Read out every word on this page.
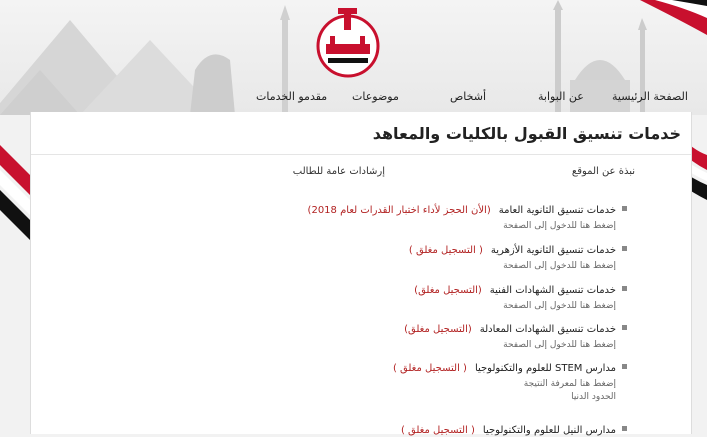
الصفحة الرئيسية
عن البوابة
أشخاص
موضوعات
مقدمو الخدمات
خدمات تنسيق القبول بالكليات والمعاهد
نبذة عن الموقع
إرشادات عامة للطالب
خدمات تنسيق الثانوية العامة(الأن الحجز لأداء اختبار القدرات لعام 2018)
إضغط هنا للدخول إلى الصفحة
خدمات تنسيق الثانوية الأزهرية( التسجيل مغلق )
إضغط هنا للدخول إلى الصفحة
خدمات تنسيق الشهادات الفنية(التسجيل مغلق)
إضغط هنا للدخول إلى الصفحة
خدمات تنسيق الشهادات المعادلة(التسجيل مغلق)
إضغط هنا للدخول إلى الصفحة
مدارس STEM للعلوم والتكنولوجيا( التسجيل مغلق )
إضغط هنا لمعرفة النتيجة
الحدود الدنيا
مدارس النيل للعلوم والتكنولوجيا( التسجيل مغلق )
